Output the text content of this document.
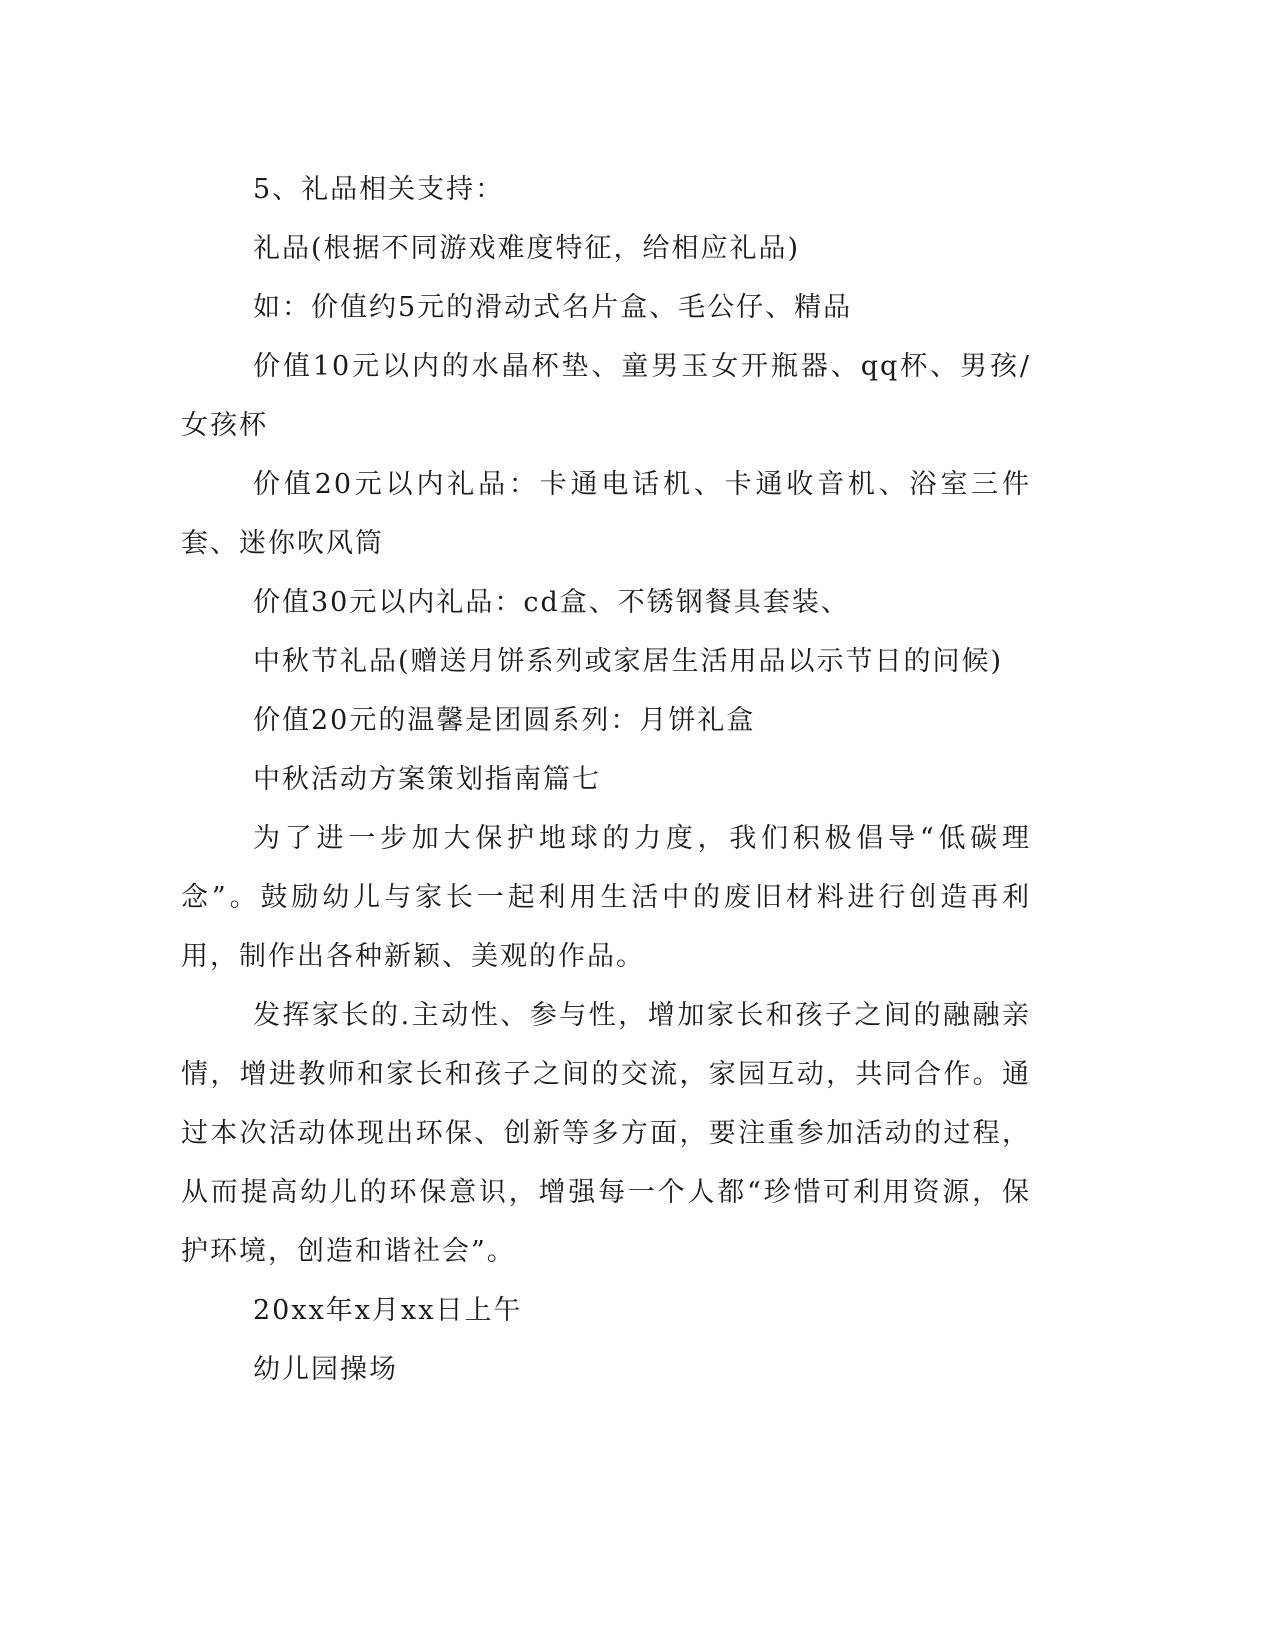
5、礼品相关支持：

礼品(根据不同游戏难度特征，给相应礼品)

如：价值约5元的滑动式名片盒、毛公仔、精品

价值10元以内的水晶杯垫、童男玉女开瓶器、qq杯、男孩/女孩杯

价值20元以内礼品：卡通电话机、卡通收音机、浴室三件套、迷你吹风筒

价值30元以内礼品：cd盒、不锈钢餐具套装、

中秋节礼品(赠送月饼系列或家居生活用品以示节日的问候)

价值20元的温馨是团圆系列：月饼礼盒

中秋活动方案策划指南篇七

为了进一步加大保护地球的力度，我们积极倡导“低碳理念”。鼓励幼儿与家长一起利用生活中的废旧材料进行创造再利用，制作出各种新颖、美观的作品。

发挥家长的.主动性、参与性，增加家长和孩子之间的融融亲情，增进教师和家长和孩子之间的交流，家园互动，共同合作。通过本次活动体现出环保、创新等多方面，要注重参加活动的过程，从而提高幼儿的环保意识，增强每一个人都“珍惜可利用资源，保护环境，创造和谐社会”。

20xx年x月xx日上午

幼儿园操场
